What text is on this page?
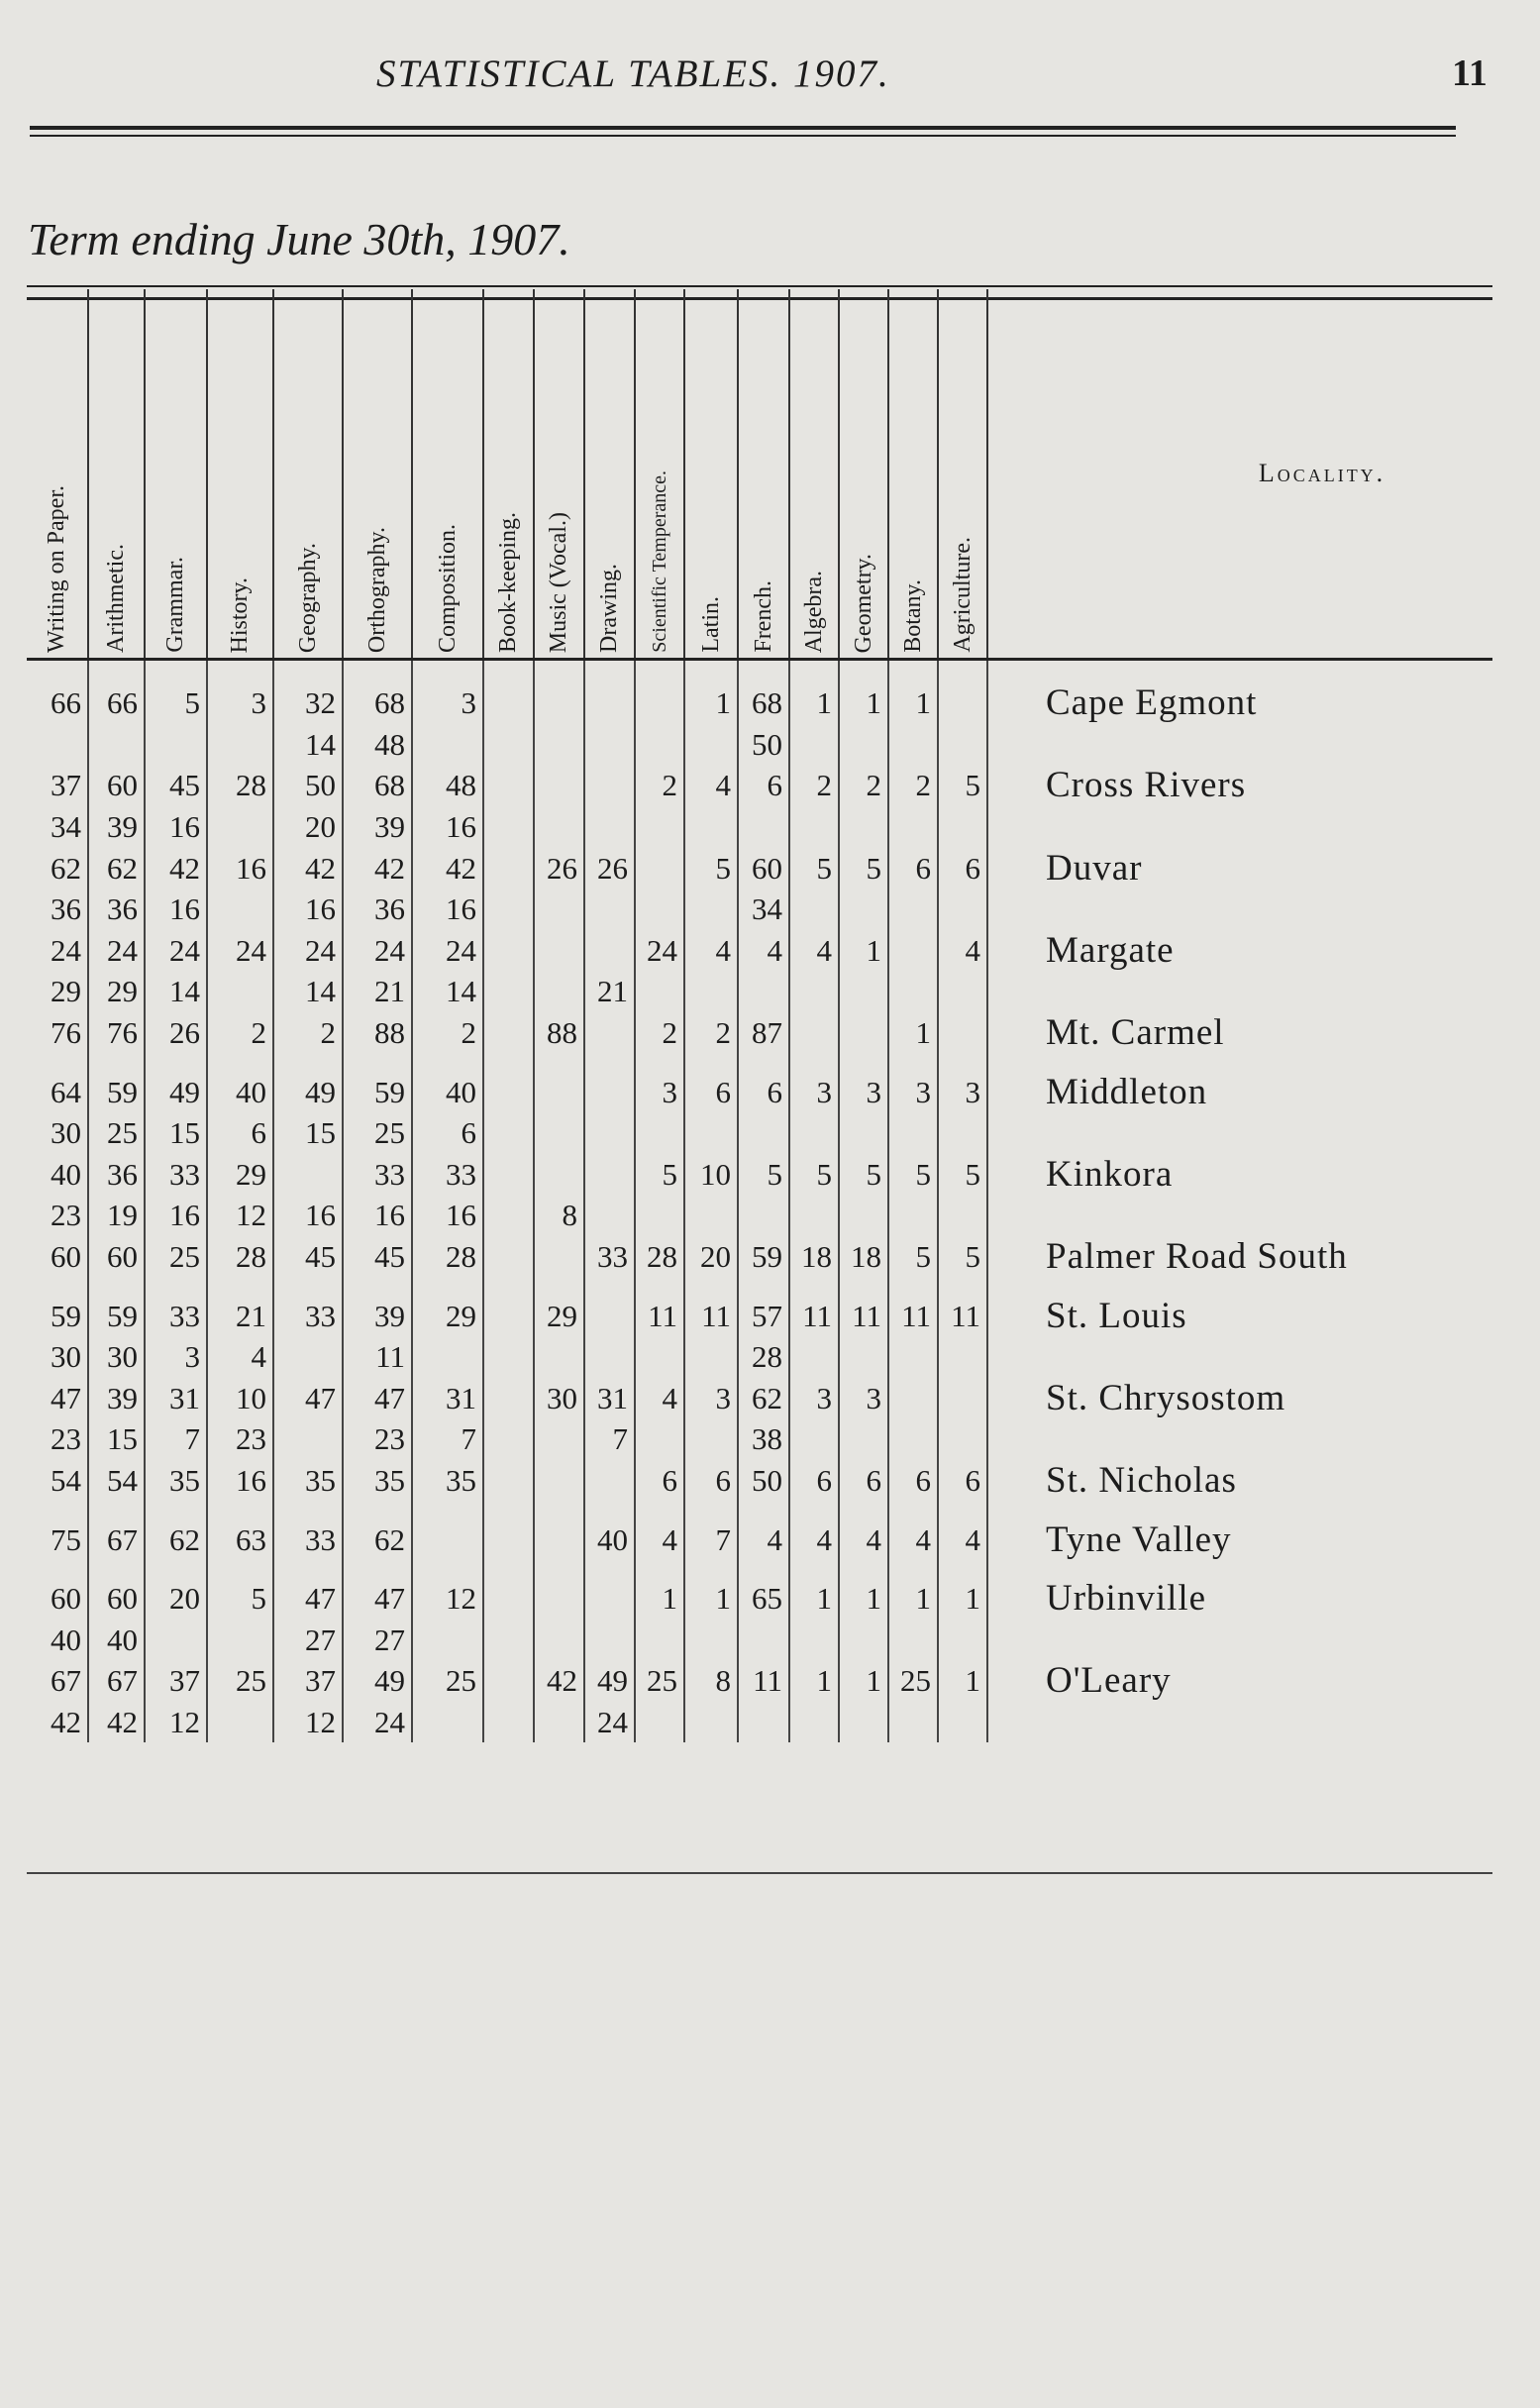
STATISTICAL TABLES. 1907.	11
Term ending June 30th, 1907.
Writing on Paper.	Arithmetic.	Grammar.	History.	Geography.	Orthography.	Composition.	Book-keeping.	Music (Vocal.)	Drawing.	Scientific Temperance.	Latin.	French.	Algebra.	Geometry.	Botany.	Agriculture.	Locality.
66	66	5	3	32	68	3					1	68	1	1	1		Cape Egmont
				14	48							50					
37	60	45	28	50	68	48				2	4	6	2	2	2	5	Cross Rivers
34	39	16		20	39	16											
62	62	42	16	42	42	42		26	26		5	60	5	5	6	6	Duvar
36	36	16		16	36	16						34					
24	24	24	24	24	24	24				24	4	4	4	1		4	Margate
29	29	14		14	21	14			21								
76	76	26	2	2	88	2		88		2	2	87			1		Mt. Carmel

64	59	49	40	49	59	40				3	6	6	3	3	3	3	Middleton
30	25	15	6	15	25	6											
40	36	33	29		33	33				5	10	5	5	5	5	5	Kinkora
23	19	16	12	16	16	16		8									
60	60	25	28	45	45	28			33	28	20	59	18	18	5	5	Palmer Road South

59	59	33	21	33	39	29		29		11	11	57	11	11	11	11	St. Louis
30	30	3	4		11							28					
47	39	31	10	47	47	31		30	31	4	3	62	3	3			St. Chrysostom
23	15	7	23		23	7			7			38					
54	54	35	16	35	35	35				6	6	50	6	6	6	6	St. Nicholas

75	67	62	63	33	62				40	4	7	4	4	4	4	4	Tyne Valley

60	60	20	5	47	47	12				1	1	65	1	1	1	1	Urbinville
40	40			27	27												
67	67	37	25	37	49	25		42	49	25	8	11	1	1	25	1	O'Leary
42	42	12		12	24				24								
